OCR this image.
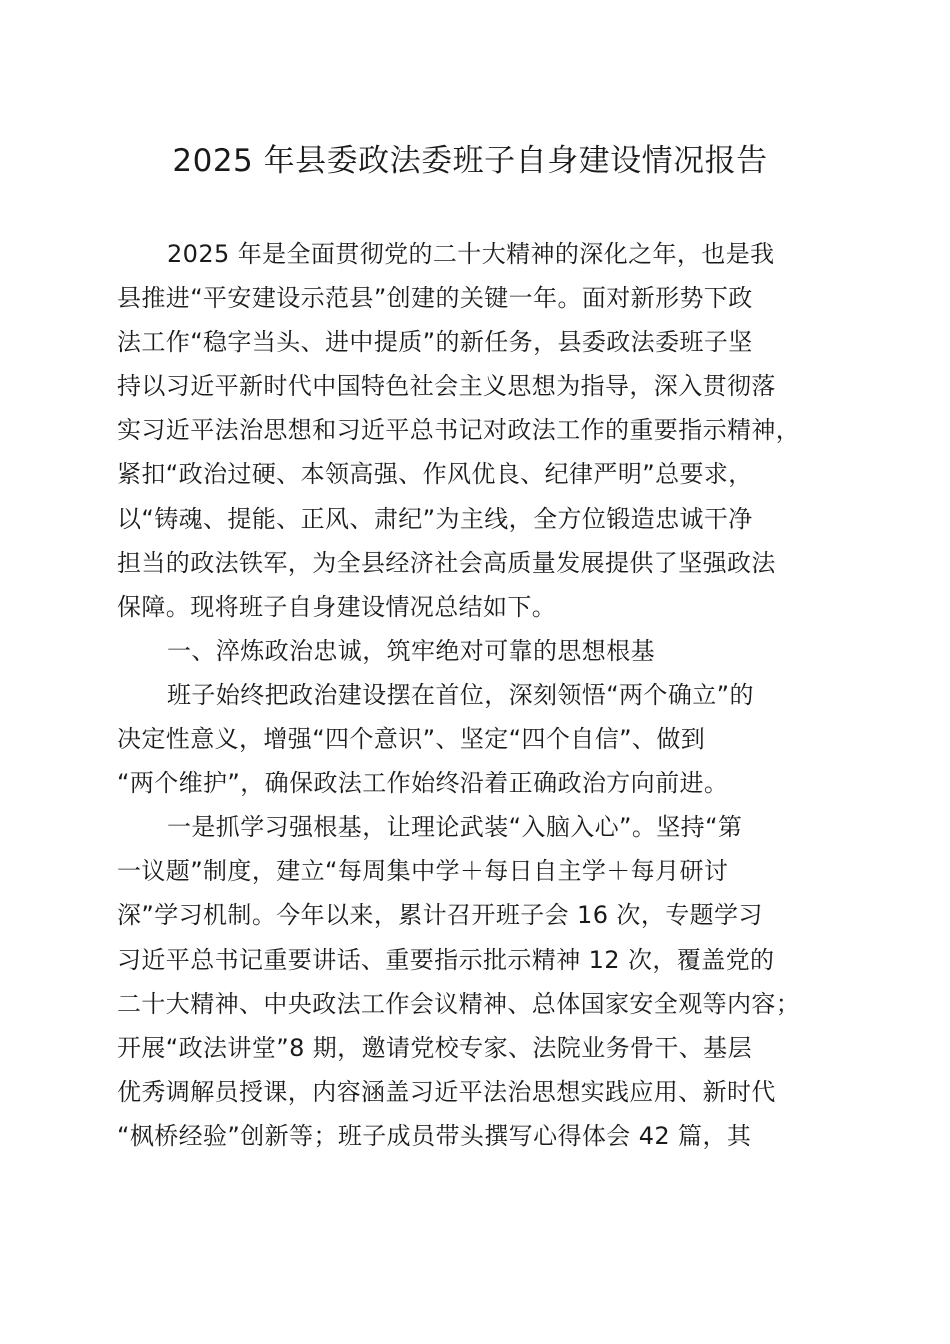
2025 年县委政法委班子自身建设情况报告
2025 年是全面贯彻党的二十大精神的深化之年，也是我
县推进“平安建设示范县”创建的关键一年。面对新形势下政
法工作“稳字当头、进中提质”的新任务，县委政法委班子坚
持以习近平新时代中国特色社会主义思想为指导，深入贯彻落
实习近平法治思想和习近平总书记对政法工作的重要指示精神，
紧扣“政治过硬、本领高强、作风优良、纪律严明”总要求，
以“铸魂、提能、正风、肃纪”为主线，全方位锻造忠诚干净
担当的政法铁军，为全县经济社会高质量发展提供了坚强政法
保障。现将班子自身建设情况总结如下。
一、淬炼政治忠诚，筑牢绝对可靠的思想根基
班子始终把政治建设摆在首位，深刻领悟“两个确立”的
决定性意义，增强“四个意识”、坚定“四个自信”、做到
“两个维护”，确保政法工作始终沿着正确政治方向前进。
一是抓学习强根基，让理论武装“入脑入心”。坚持“第
一议题”制度，建立“每周集中学＋每日自主学＋每月研讨
深”学习机制。今年以来，累计召开班子会 16 次，专题学习
习近平总书记重要讲话、重要指示批示精神 12 次，覆盖党的
二十大精神、中央政法工作会议精神、总体国家安全观等内容；
开展“政法讲堂”8 期，邀请党校专家、法院业务骨干、基层
优秀调解员授课，内容涵盖习近平法治思想实践应用、新时代
“枫桥经验”创新等；班子成员带头撰写心得体会 42 篇，其
